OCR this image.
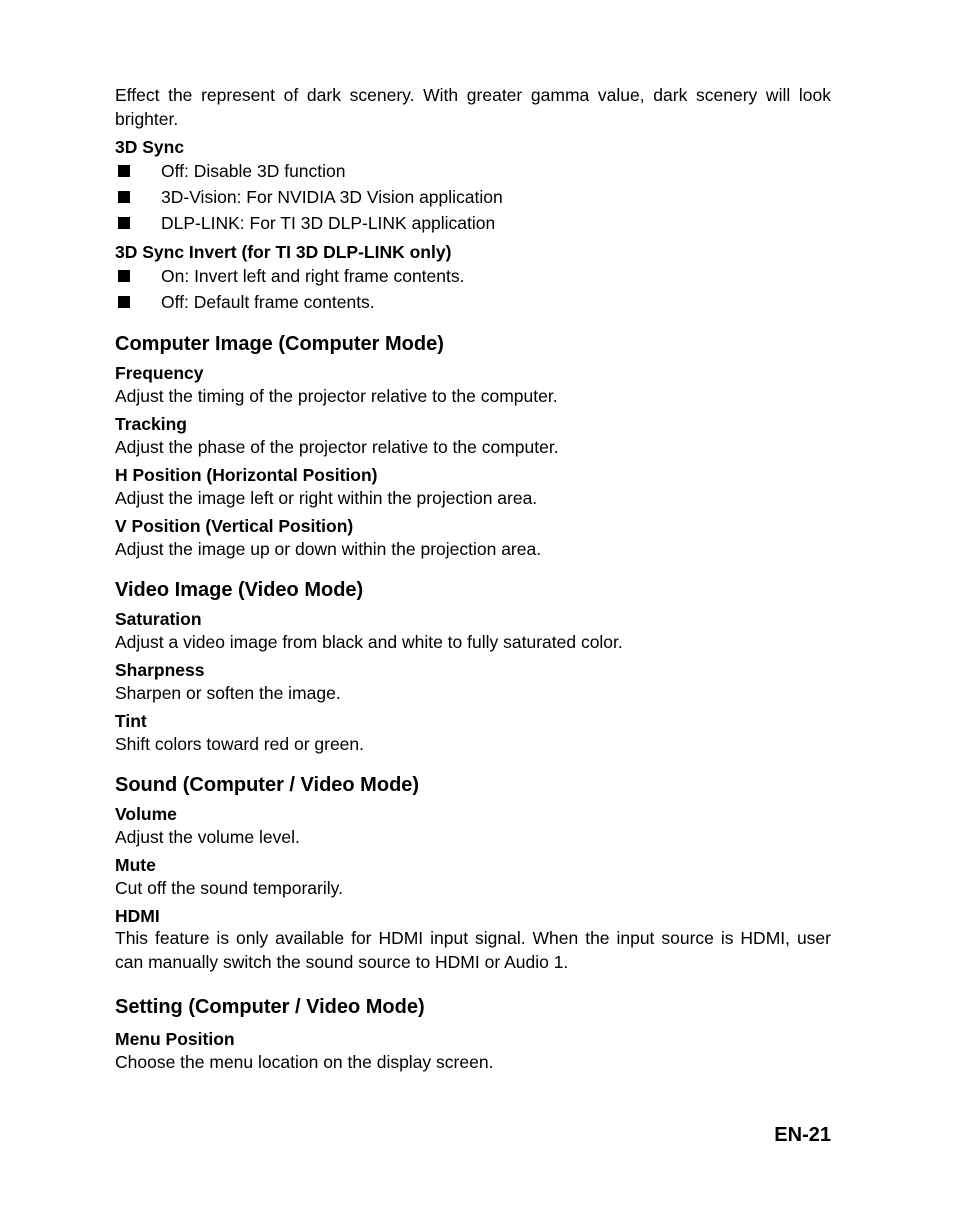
Effect the represent of dark scenery. With greater gamma value, dark scenery will look brighter.

3D Sync
Off: Disable 3D function
3D-Vision: For NVIDIA 3D Vision application
DLP-LINK: For TI 3D DLP-LINK application
3D Sync Invert (for TI 3D DLP-LINK only)
On: Invert left and right frame contents.
Off: Default frame contents.
Computer Image (Computer Mode)
Frequency
Adjust the timing of the projector relative to the computer.
Tracking
Adjust the phase of the projector relative to the computer.
H Position (Horizontal Position)
Adjust the image left or right within the projection area.
V Position (Vertical Position)
Adjust the image up or down within the projection area.
Video Image (Video Mode)
Saturation
Adjust a video image from black and white to fully saturated color.
Sharpness
Sharpen or soften the image.
Tint
Shift colors toward red or green.
Sound (Computer / Video Mode)
Volume
Adjust the volume level.
Mute
Cut off the sound temporarily.
HDMI

This feature is only available for HDMI input signal. When the input source is HDMI, user can manually switch the sound source to HDMI or Audio 1.

Setting (Computer / Video Mode)
Menu Position
Choose the menu location on the display screen.
EN-21
